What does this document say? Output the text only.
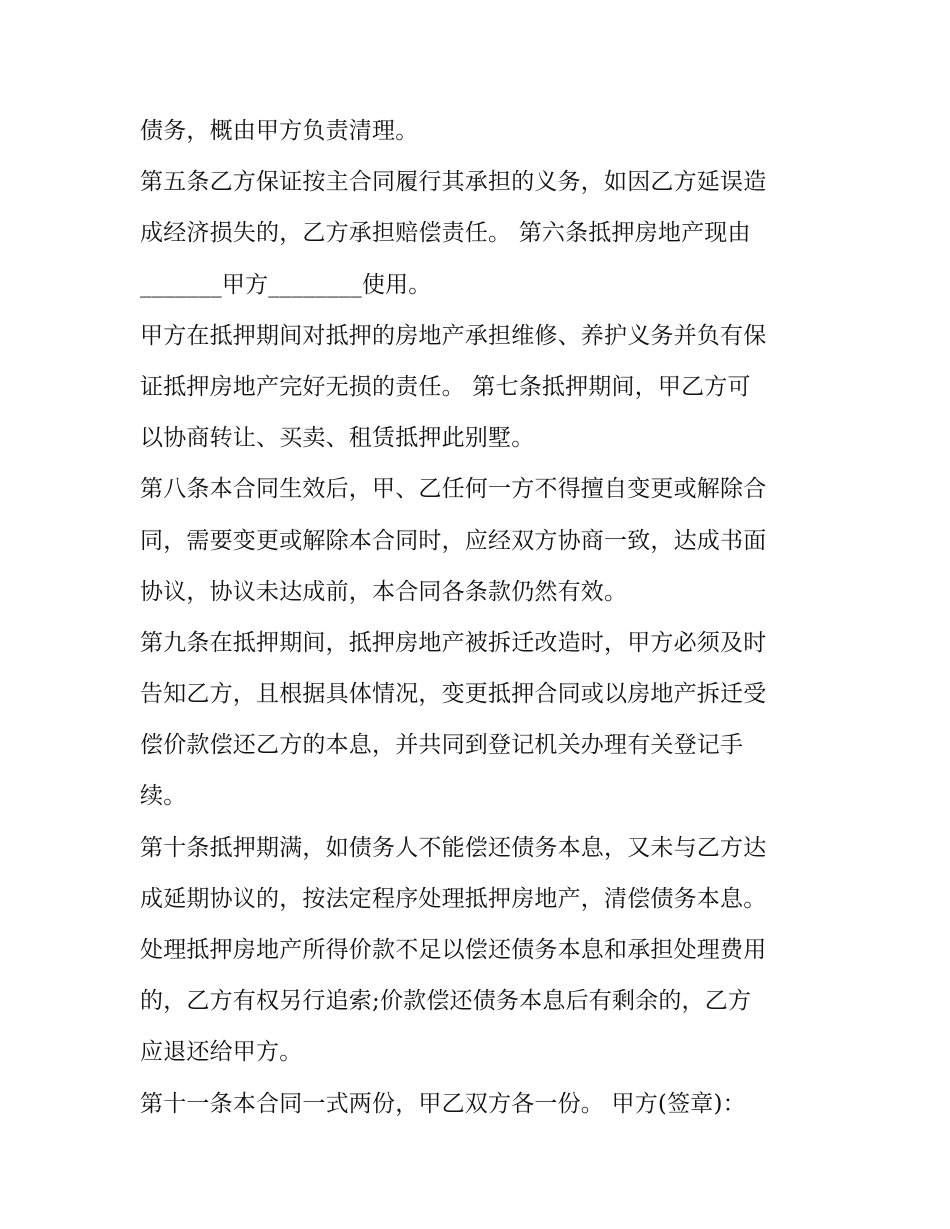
债务，概由甲方负责清理。
第五条乙方保证按主合同履行其承担的义务，如因乙方延误造
成经济损失的，乙方承担赔偿责任。 第六条抵押房地产现由
_______甲方________使用。
甲方在抵押期间对抵押的房地产承担维修、养护义务并负有保
证抵押房地产完好无损的责任。 第七条抵押期间，甲乙方可
以协商转让、买卖、租赁抵押此别墅。
第八条本合同生效后，甲、乙任何一方不得擅自变更或解除合
同，需要变更或解除本合同时，应经双方协商一致，达成书面
协议，协议未达成前，本合同各条款仍然有效。
第九条在抵押期间，抵押房地产被拆迁改造时，甲方必须及时
告知乙方，且根据具体情况，变更抵押合同或以房地产拆迁受
偿价款偿还乙方的本息，并共同到登记机关办理有关登记手
续。
第十条抵押期满，如债务人不能偿还债务本息，又未与乙方达
成延期协议的，按法定程序处理抵押房地产，清偿债务本息。
处理抵押房地产所得价款不足以偿还债务本息和承担处理费用
的，乙方有权另行追索;价款偿还债务本息后有剩余的，乙方
应退还给甲方。
第十一条本合同一式两份，甲乙双方各一份。 甲方(签章)：
